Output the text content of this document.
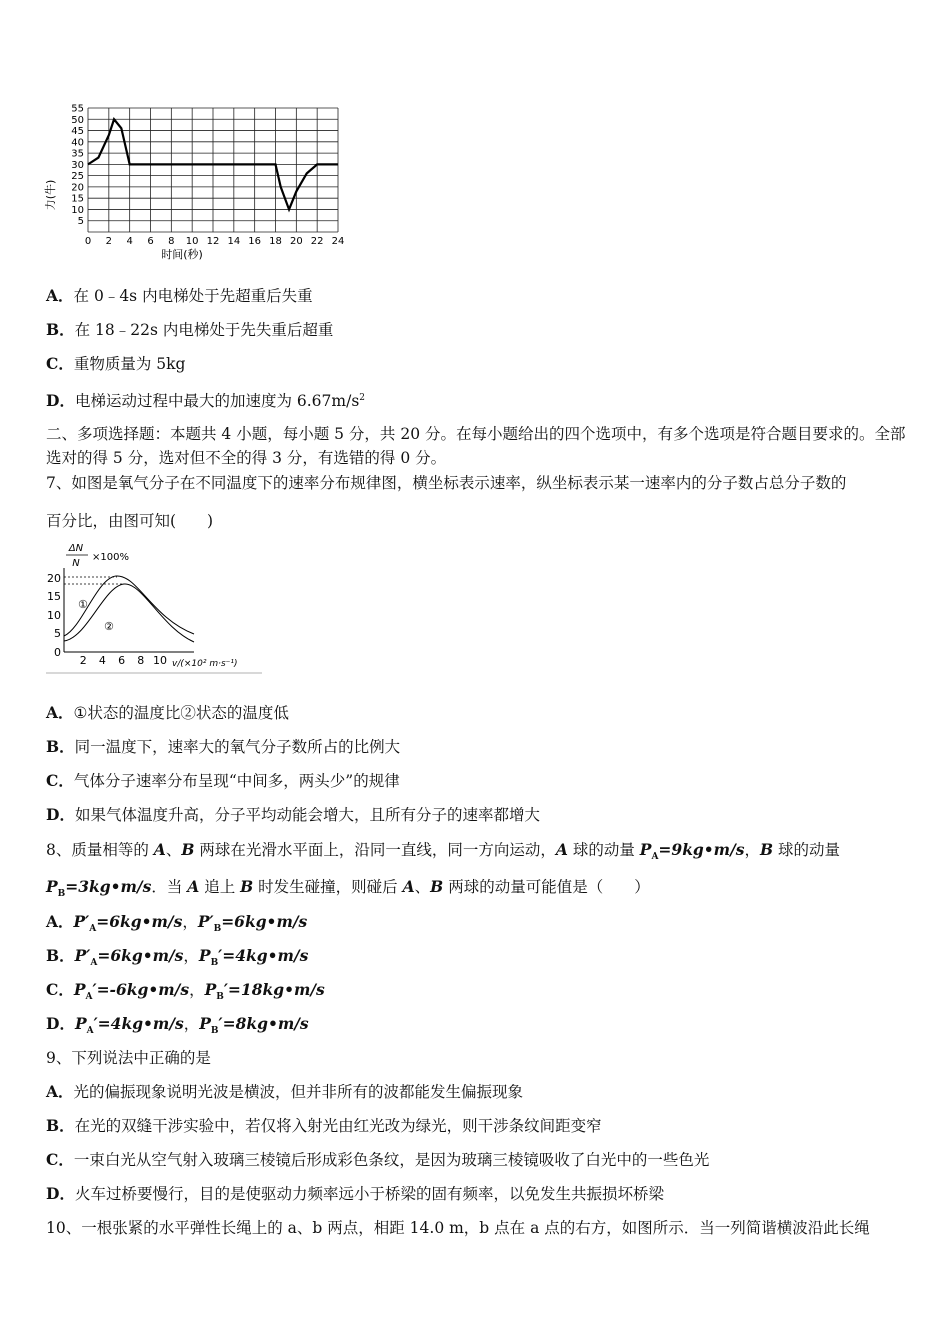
55
50
45
40
35
30
25
20
15
10
5
0 2 4 6 8 10 12 14 16 18 20 22 24
力(牛)
时间(秒)
A．在 0﹣4s 内电梯处于先超重后失重
B．在 18﹣22s 内电梯处于先失重后超重
C．重物质量为 5kg
D．电梯运动过程中最大的加速度为 $6.67m/s^2$
二、多项选择题：本题共 4 小题，每小题 5 分，共 20 分。在每小题给出的四个选项中，有多个选项是符合题目要求的。全部选对的得 5 分，选对但不全的得 3 分，有选错的得 0 分。
7、如图是氧气分子在不同温度下的速率分布规律图，横坐标表示速率，纵坐标表示某一速率内的分子数占总分子数的
百分比，由图可知(　　)
ΔN
N
×100%
20
15
10
5
0
2 4 6 8 10
①
②
v/(×10² m·s⁻¹)
A．①状态的温度比②状态的温度低
B．同一温度下，速率大的氧气分子数所占的比例大
C．气体分子速率分布呈现“中间多，两头少”的规律
D．如果气体温度升高，分子平均动能会增大，且所有分子的速率都增大
8、质量相等的 A、B 两球在光滑水平面上，沿同一直线，同一方向运动，A 球的动量 $P_A=9kg•m/s$，B 球的动量
$P_B=3kg•m/s$．当 A 追上 B 时发生碰撞，则碰后 A、B 两球的动量可能值是（　　）
A．$P'_A=6kg•m/s$，$P'_B=6kg•m/s$
B．$P'_A=6kg•m/s$，$P_B'=4kg•m/s$
C．$P_A'=-6kg•m/s$，$P_B'=18kg•m/s$
D．$P_A'=4kg•m/s$，$P_B'=8kg•m/s$
9、下列说法中正确的是
A．光的偏振现象说明光波是横波，但并非所有的波都能发生偏振现象
B．在光的双缝干涉实验中，若仅将入射光由红光改为绿光，则干涉条纹间距变窄
C．一束白光从空气射入玻璃三棱镜后形成彩色条纹，是因为玻璃三棱镜吸收了白光中的一些色光
D．火车过桥要慢行，目的是使驱动力频率远小于桥梁的固有频率，以免发生共振损坏桥梁
10、一根张紧的水平弹性长绳上的 a、b 两点，相距 14.0 m，b 点在 a 点的右方，如图所示．当一列简谐横波沿此长绳
